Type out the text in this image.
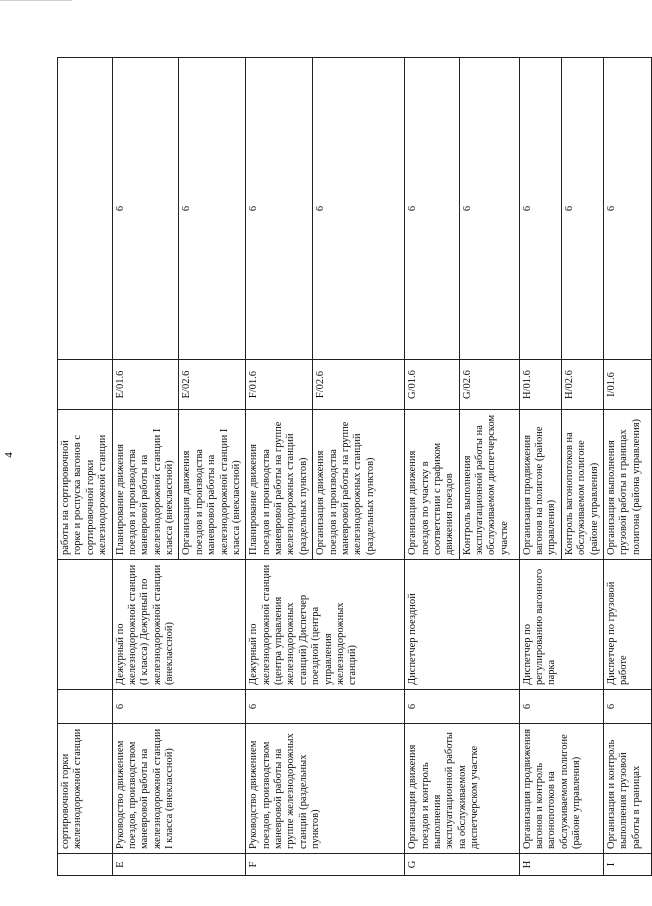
4
	сортировочной горки железнодорожной станции			работы на сортировочной горке и роспуска вагонов с сортировочной горки железнодорожной станции		
E	Руководство движением поездов, производством маневровой работы на железнодорожной станции I класса (внеклассной)	6	Дежурный по железнодорожной станции (I класса) Дежурный по железнодорожной станции (внеклассной)	Планирование движения поездов и производства маневровой работы на железнодорожной станции I класса (внеклассной)	E/01.6	6
				Организация движения поездов и производства маневровой работы на железнодорожной станции I класса (внеклассной)	E/02.6	6
F	Руководство движением поездов, производством маневровой работы на группе железнодорожных станций (раздельных пунктов)	6	Дежурный по железнодорожной станции (центра управления железнодорожных станций) Диспетчер поездной (центра управления железнодорожных станций)	Планирование движения поездов и производства маневровой работы на группе железнодорожных станций (раздельных пунктов)	F/01.6	6
				Организация движения поездов и производства маневровой работы на группе железнодорожных станций (раздельных пунктов)	F/02.6	6
G	Организация движения поездов и контроль выполнения эксплуатационной работы на обслуживаемом диспетчерском участке	6	Диспетчер поездной	Организация движения поездов по участку в соответствии с графиком движения поездов	G/01.6	6
				Контроль выполнения эксплуатационной работы на обслуживаемом диспетчерском участке	G/02.6	6
H	Организация продвижения вагонов и контроль вагонопотоков на обслуживаемом полигоне (районе управления)	6	Диспетчер по регулированию вагонного парка	Организация продвижения вагонов на полигоне (районе управления)	H/01.6	6
				Контроль вагонопотоков на обслуживаемом полигоне (районе управления)	H/02.6	6
I	Организация и контроль выполнения грузовой работы в границах	6	Диспетчер по грузовой работе	Организация выполнения грузовой работы в границах полигона (района управления)	I/01.6	6
